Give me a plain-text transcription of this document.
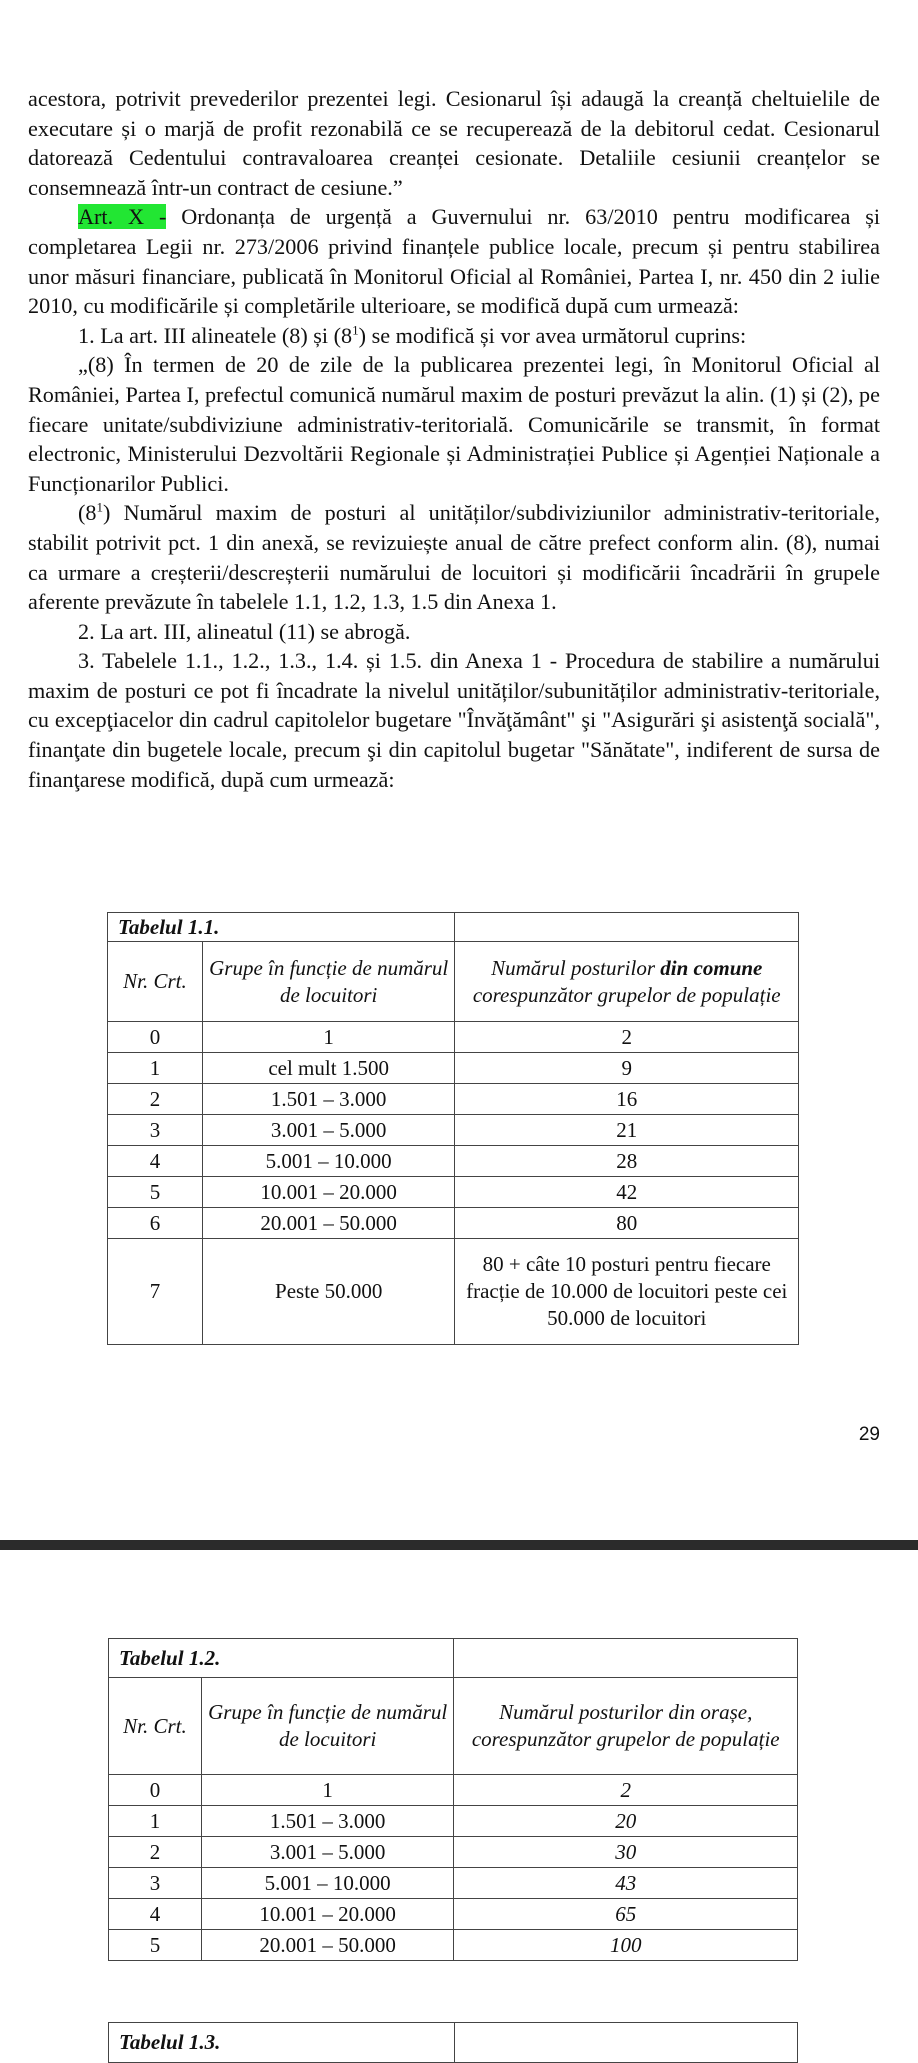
acestora, potrivit prevederilor prezentei legi. Cesionarul își adaugă la creanță cheltuielile de executare și o marjă de profit rezonabilă ce se recuperează de la debitorul cedat. Cesionarul datorează Cedentului contravaloarea creanței cesionate. Detaliile cesiunii creanțelor se consemnează într-un contract de cesiune.”

Art. X - Ordonanța de urgență a Guvernului nr. 63/2010 pentru modificarea și completarea Legii nr. 273/2006 privind finanțele publice locale, precum și pentru stabilirea unor măsuri financiare, publicată în Monitorul Oficial al României, Partea I, nr. 450 din 2 iulie 2010, cu modificările și completările ulterioare, se modifică după cum urmează:

1. La art. III alineatele (8) și $(8^1)$ se modifică și vor avea următorul cuprins:

„(8) În termen de 20 de zile de la publicarea prezentei legi, în Monitorul Oficial al României, Partea I, prefectul comunică numărul maxim de posturi prevăzut la alin. (1) și (2), pe fiecare unitate/subdiviziune administrativ-teritorială. Comunicările se transmit, în format electronic, Ministerului Dezvoltării Regionale și Administrației Publice și Agenției Naționale a Funcționarilor Publici.

$(8^1)$ Numărul maxim de posturi al unităților/subdiviziunilor administrativ-teritoriale, stabilit potrivit pct. 1 din anexă, se revizuiește anual de către prefect conform alin. (8), numai ca urmare a creșterii/descreșterii numărului de locuitori și modificării încadrării în grupele aferente prevăzute în tabelele 1.1, 1.2, 1.3, 1.5 din Anexa 1.

2. La art. III, alineatul (11) se abrogă.

3. Tabelele 1.1., 1.2., 1.3., 1.4. și 1.5. din Anexa 1 - Procedura de stabilire a numărului maxim de posturi ce pot fi încadrate la nivelul unităților/subunităților administrativ-teritoriale, cu excepţiacelor din cadrul capitolelor bugetare "Învăţământ" şi "Asigurări şi asistenţă socială", finanţate din bugetele locale, precum şi din capitolul bugetar "Sănătate", indiferent de sursa de finanţarese modifică, după cum urmează:

Tabelul 1.1.		
Nr. Crt.	Grupe în funcție de numărul de locuitori	Numărul posturilor din comune corespunzător grupelor de populație
0	1	2
1	cel mult 1.500	9
2	1.501 – 3.000	16
3	3.001 – 5.000	21
4	5.001 – 10.000	28
5	10.001 – 20.000	42
6	20.001 – 50.000	80
7	Peste 50.000	80 + câte 10 posturi pentru fiecare fracție de 10.000 de locuitori peste cei 50.000 de locuitori
29
Tabelul 1.2.		
Nr. Crt.	Grupe în funcție de numărul de locuitori	Numărul posturilor din orașe, corespunzător grupelor de populație
0	1	2
1	1.501 – 3.000	20
2	3.001 – 5.000	30
3	5.001 – 10.000	43
4	10.001 – 20.000	65
5	20.001 – 50.000	100
Tabelul 1.3.	
